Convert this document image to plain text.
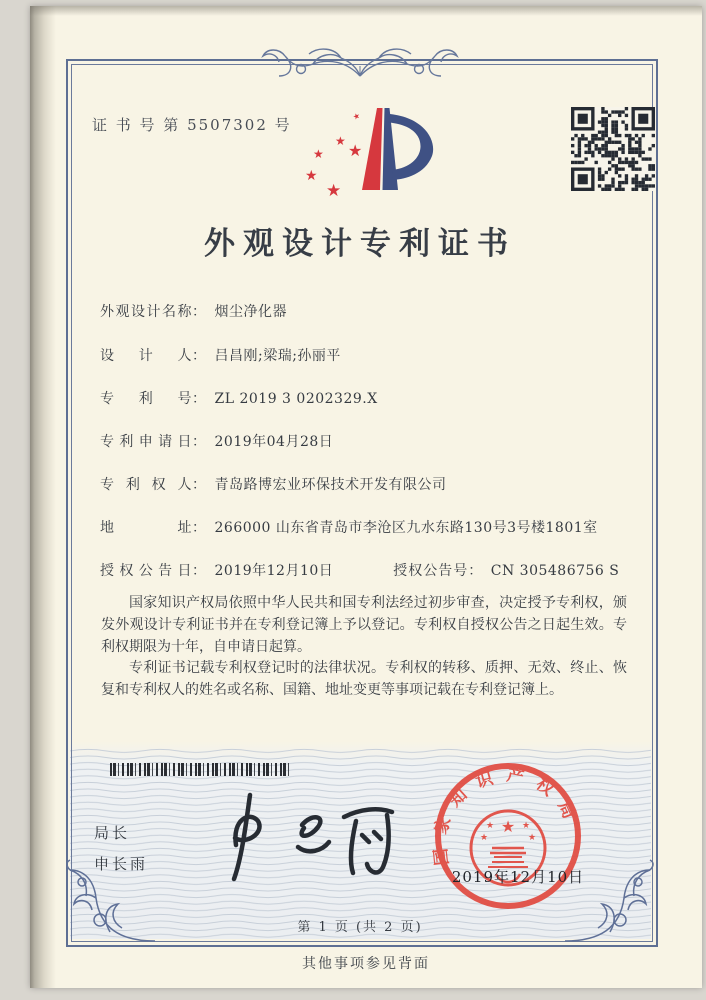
证 书 号 第 5507302 号	★
★ ★
★
★
★
外观设计专利证书
外观设计名称 ： 烟尘净化器
设计人 ： 吕昌刚;梁瑞;孙丽平
专利号 ： ZL 2019 3 0202329.X
专利申请日 ： 2019年04月28日
专利权人 ： 青岛路博宏业环保技术开发有限公司
地址 ： 266000 山东省青岛市李沧区九水东路130号3号楼1801室
授权公告日 ： 2019年12月10日	授权公告号 ： CN 305486756 S

国家知识产权局依照中华人民共和国专利法经过初步审查，决定授予专利权，颁发外观设计专利证书并在专利登记簿上予以登记。专利权自授权公告之日起生效。专利权期限为十年，自申请日起算。

专利证书记载专利权登记时的法律状况。专利权的转移、质押、无效、终止、恢复和专利权人的姓名或名称、国籍、地址变更等事项记载在专利登记簿上。

局长
申长雨	国家知识产权局
★
★	★
★	★
2019年12月10日
第 1 页 (共 2 页)
其他事项参见背面
